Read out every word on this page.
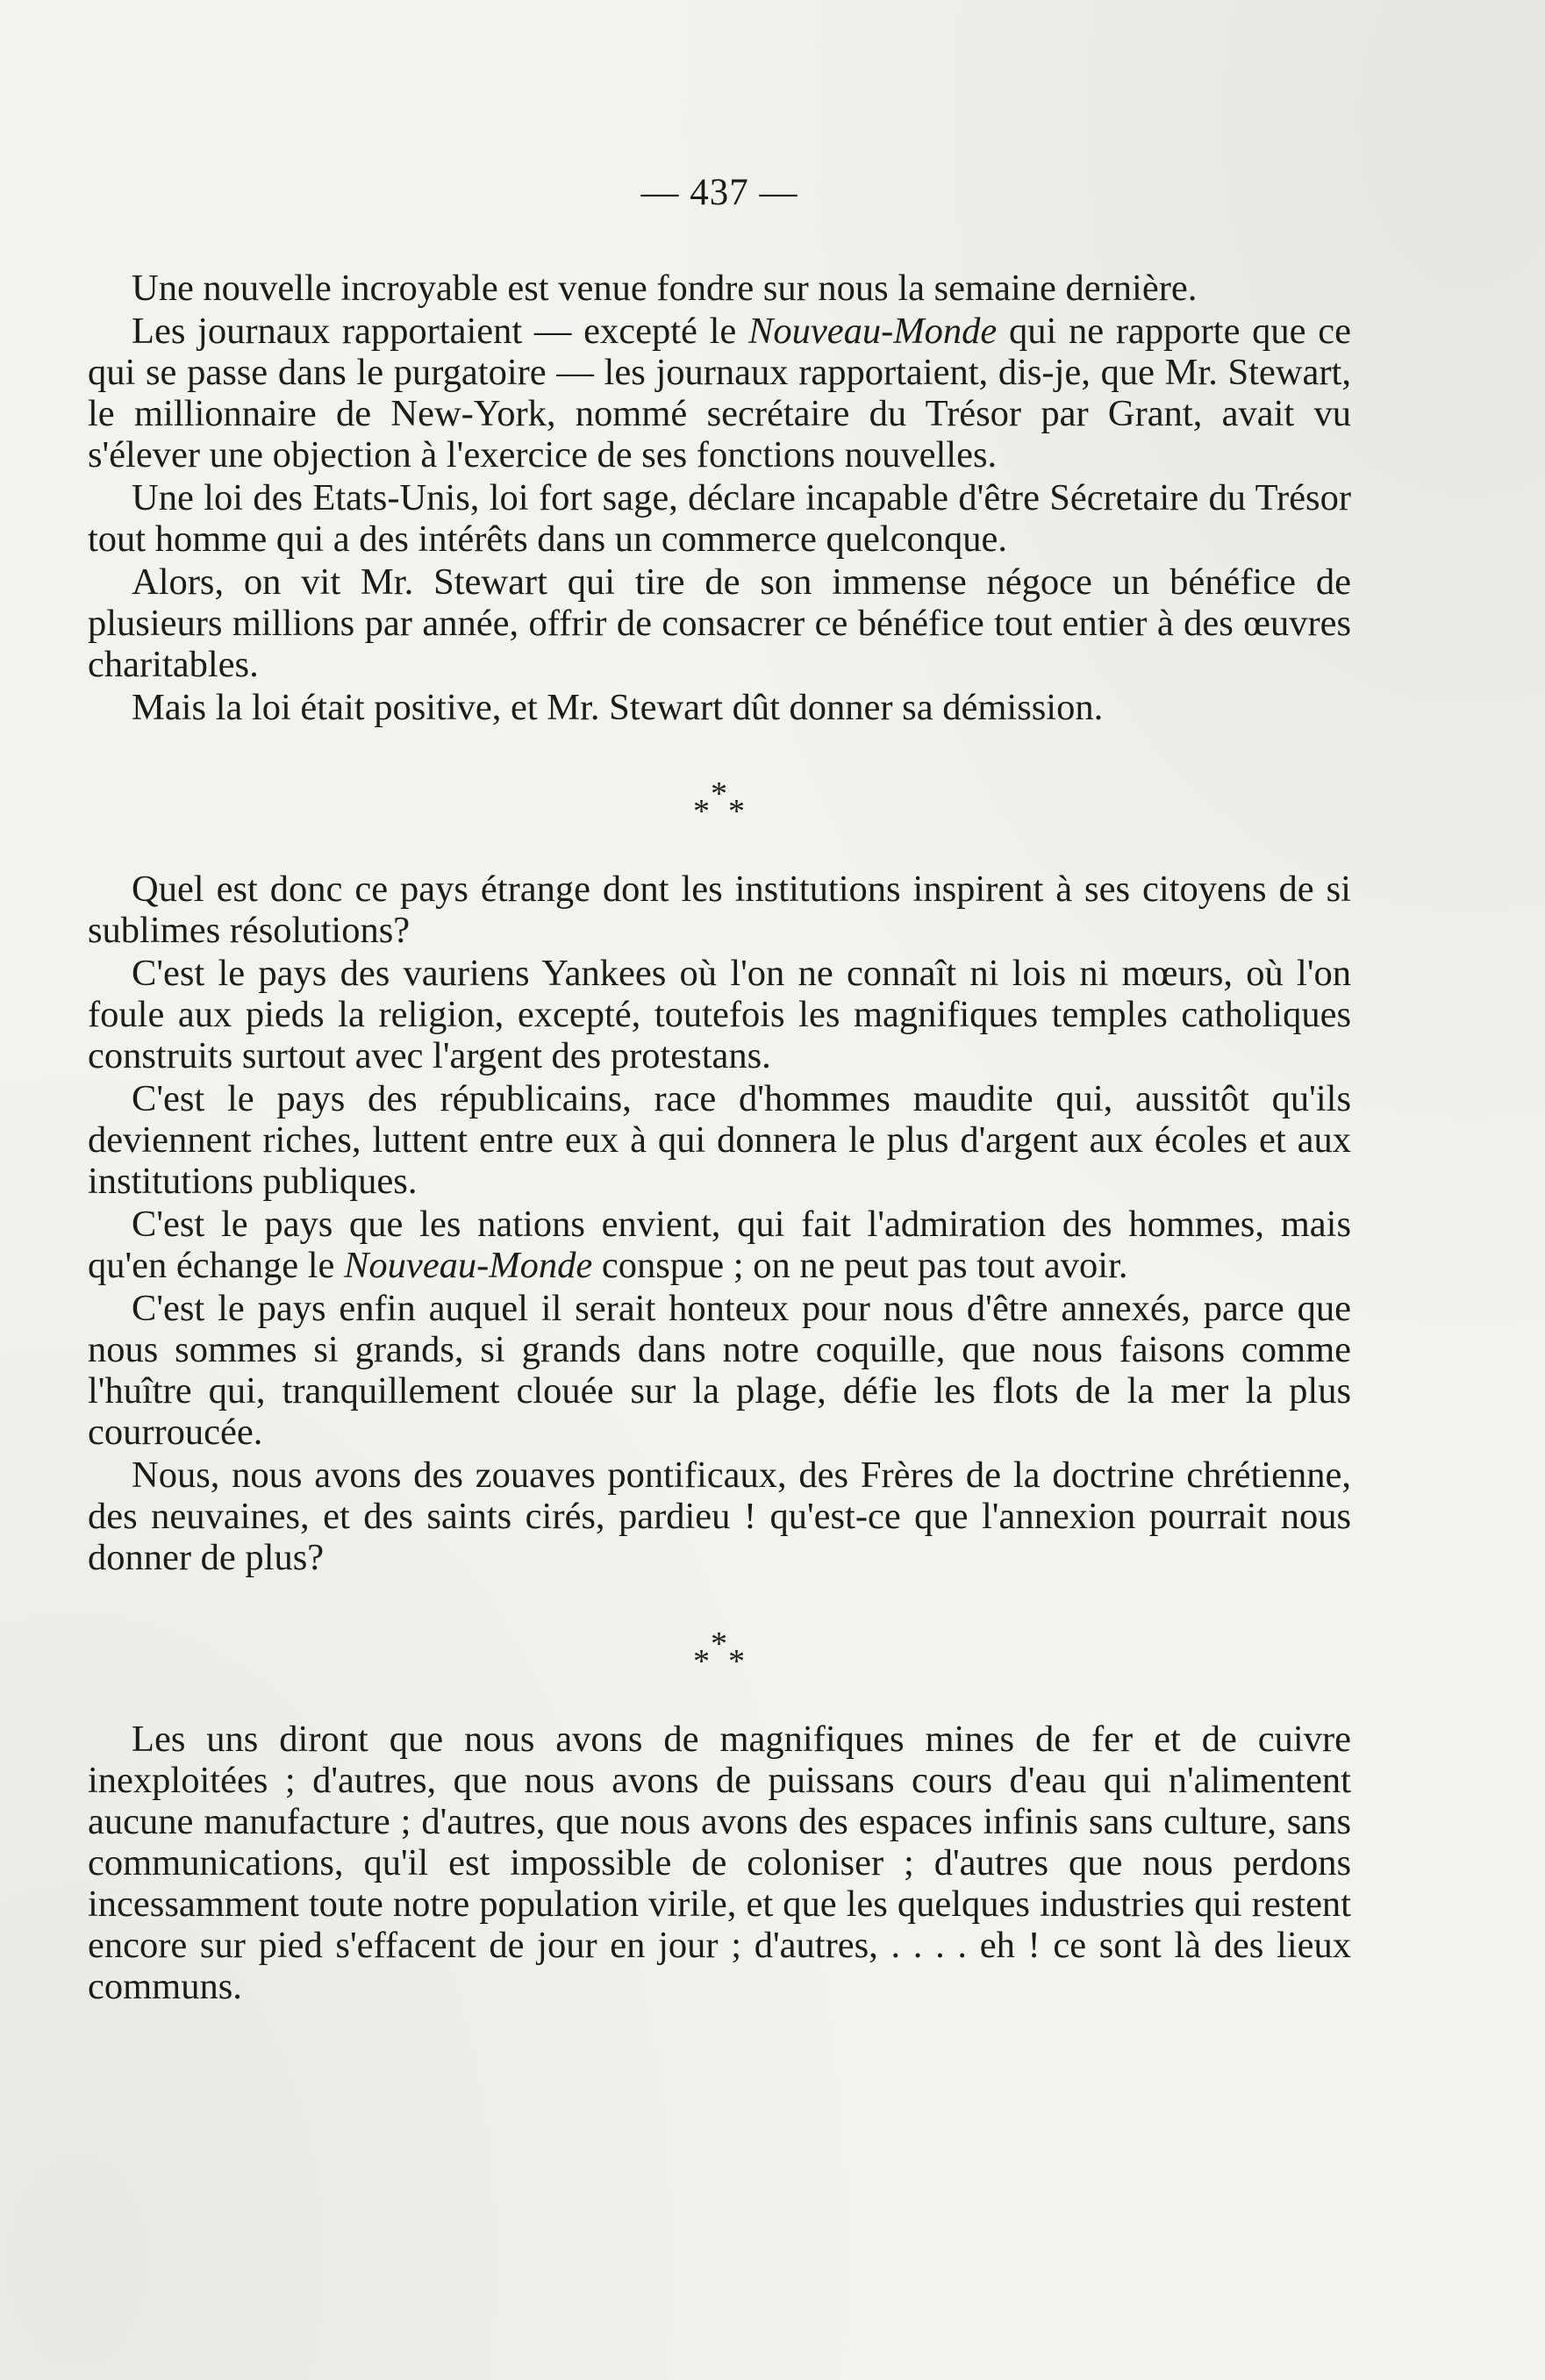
— 437 —

Une nouvelle incroyable est venue fondre sur nous la semaine dernière.

Les journaux rapportaient — excepté le Nouveau-Monde qui ne rapporte que ce qui se passe dans le purgatoire — les journaux rapportaient, dis-je, que Mr. Stewart, le millionnaire de New-York, nommé secrétaire du Trésor par Grant, avait vu s'élever une objection à l'exercice de ses fonctions nouvelles.

Une loi des Etats-Unis, loi fort sage, déclare incapable d'être Sécretaire du Trésor tout homme qui a des intérêts dans un commerce quelconque.

Alors, on vit Mr. Stewart qui tire de son immense négoce un bénéfice de plusieurs millions par année, offrir de consacrer ce bénéfice tout entier à des œuvres charitables.

Mais la loi était positive, et Mr. Stewart dût donner sa démission.

*
* *

Quel est donc ce pays étrange dont les institutions inspirent à ses citoyens de si sublimes résolutions?

C'est le pays des vauriens Yankees où l'on ne connaît ni lois ni mœurs, où l'on foule aux pieds la religion, excepté, toutefois les magnifiques temples catholiques construits surtout avec l'argent des protestans.

C'est le pays des républicains, race d'hommes maudite qui, aussitôt qu'ils deviennent riches, luttent entre eux à qui donnera le plus d'argent aux écoles et aux institutions publiques.

C'est le pays que les nations envient, qui fait l'admiration des hommes, mais qu'en échange le Nouveau-Monde conspue ; on ne peut pas tout avoir.

C'est le pays enfin auquel il serait honteux pour nous d'être annexés, parce que nous sommes si grands, si grands dans notre coquille, que nous faisons comme l'huître qui, tranquillement clouée sur la plage, défie les flots de la mer la plus courroucée.

Nous, nous avons des zouaves pontificaux, des Frères de la doctrine chrétienne, des neuvaines, et des saints cirés, pardieu ! qu'est-ce que l'annexion pourrait nous donner de plus?

*
* *

Les uns diront que nous avons de magnifiques mines de fer et de cuivre inexploitées ; d'autres, que nous avons de puissans cours d'eau qui n'alimentent aucune manufacture ; d'autres, que nous avons des espaces infinis sans culture, sans communications, qu'il est impossible de coloniser ; d'autres que nous perdons incessamment toute notre population virile, et que les quelques industries qui restent encore sur pied s'effacent de jour en jour ; d'autres, . . . . eh ! ce sont là des lieux communs.
